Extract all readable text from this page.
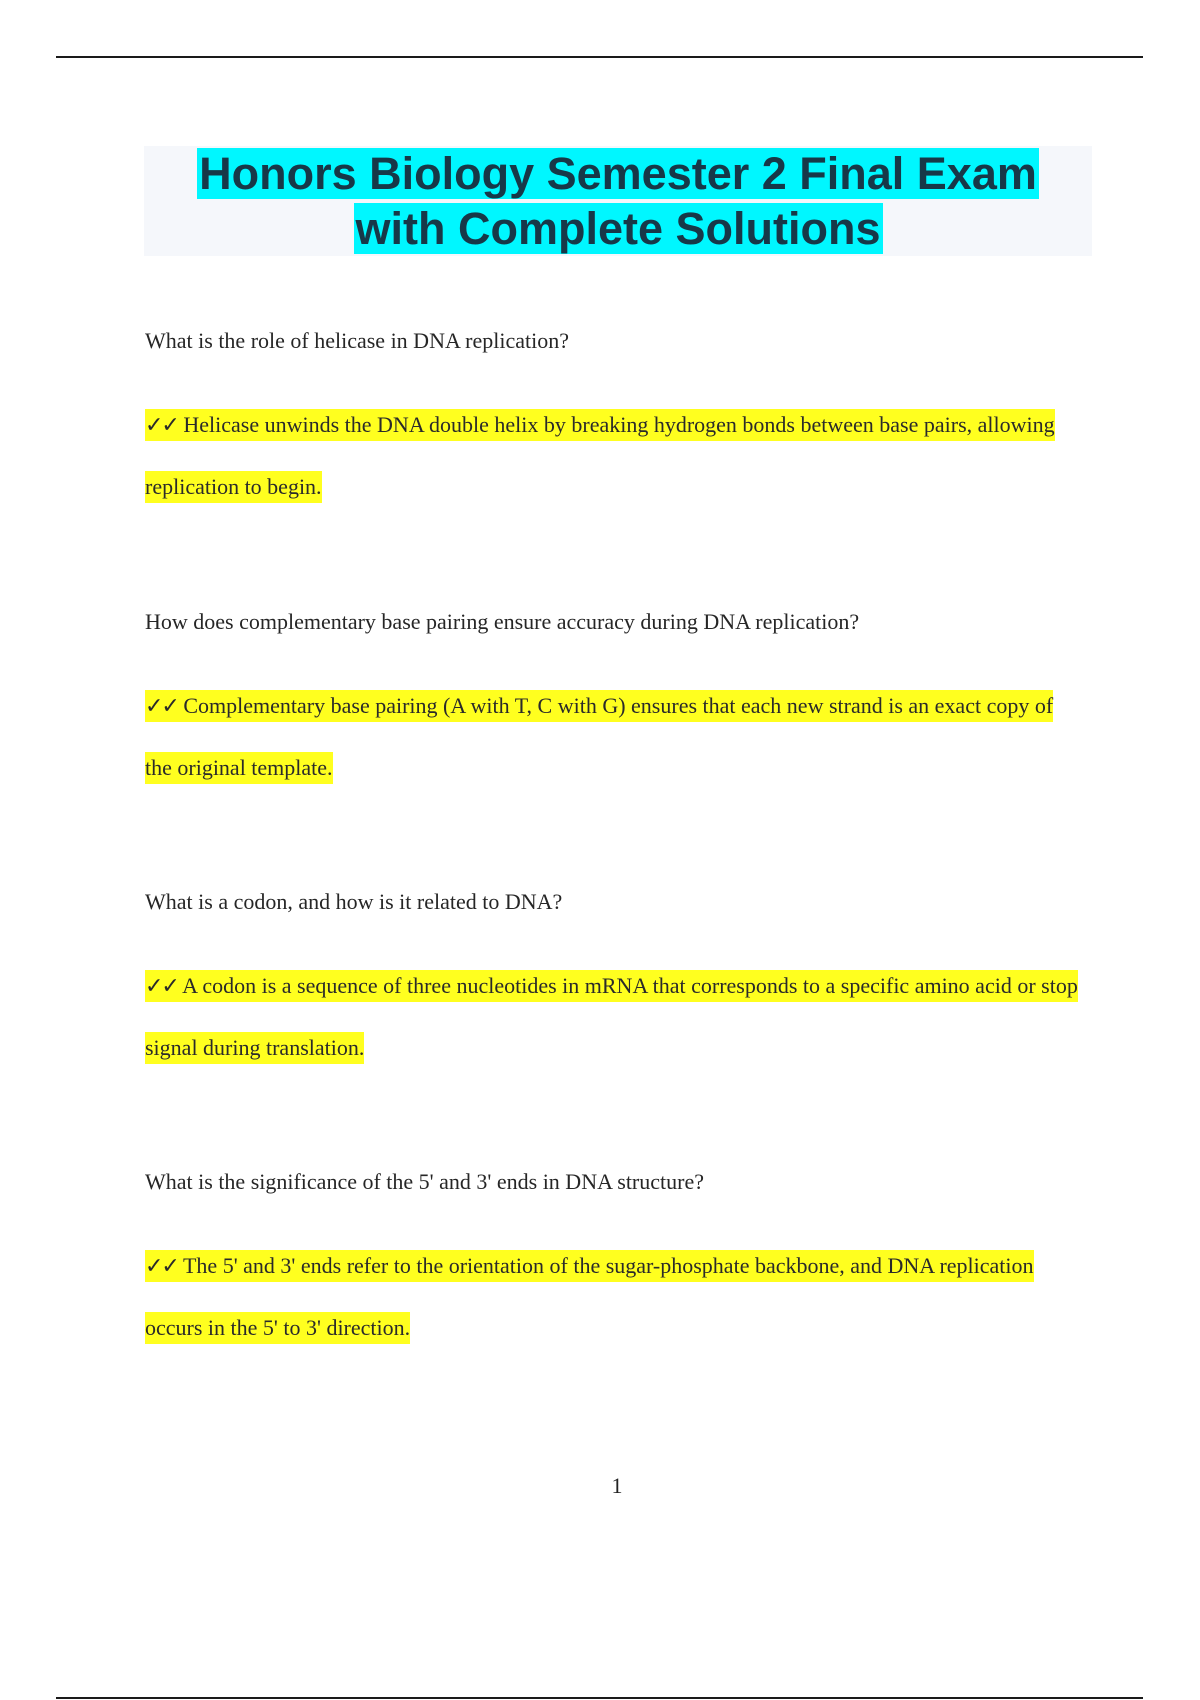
Honors Biology Semester 2 Final Exam
with Complete Solutions

What is the role of helicase in DNA replication?

✓✓ Helicase unwinds the DNA double helix by breaking hydrogen bonds between base pairs, allowing replication to begin.

How does complementary base pairing ensure accuracy during DNA replication?

✓✓ Complementary base pairing (A with T, C with G) ensures that each new strand is an exact copy of the original template.

What is a codon, and how is it related to DNA?

✓✓ A codon is a sequence of three nucleotides in mRNA that corresponds to a specific amino acid or stop signal during translation.

What is the significance of the 5' and 3' ends in DNA structure?

✓✓ The 5' and 3' ends refer to the orientation of the sugar-phosphate backbone, and DNA replication occurs in the 5' to 3' direction.

1
